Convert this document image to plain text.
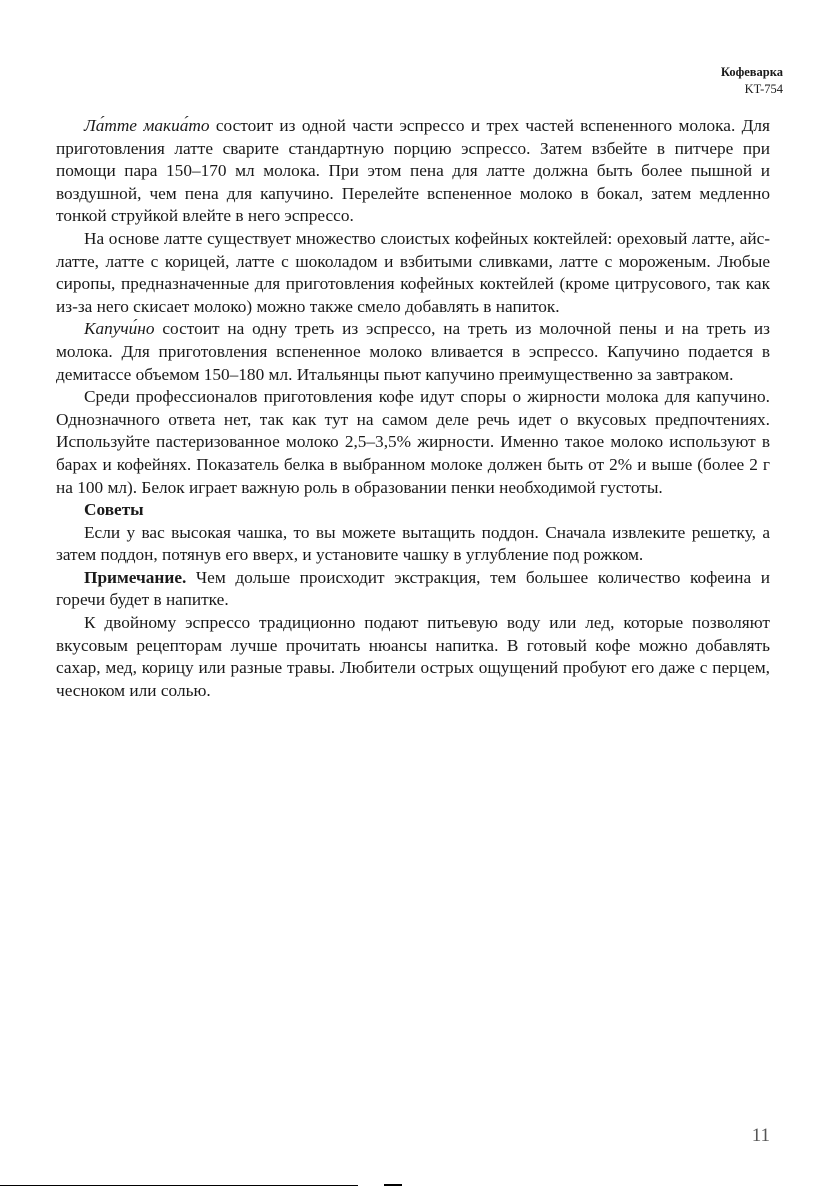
Кофеварка
KT-754

Ла́тте макиа́то состоит из одной части эспрессо и трех частей вспененного молока. Для приготовления латте сварите стандартную порцию эспрессо. Затем взбейте в питчере при помощи пара 150–170 мл молока. При этом пена для латте должна быть более пышной и воздушной, чем пена для капучино. Перелейте вспененное молоко в бокал, затем медленно тонкой струйкой влейте в него эспрессо.

На основе латте существует множество слоистых кофейных коктейлей: ореховый латте, айс-латте, латте с корицей, латте с шоколадом и взбитыми сливками, латте с мороженым. Любые сиропы, предназначенные для приготовления кофейных коктейлей (кроме цитрусового, так как из-за него скисает молоко) можно также смело добавлять в напиток.

Капучи́но состоит на одну треть из эспрессо, на треть из молочной пены и на треть из молока. Для приготовления вспененное молоко вливается в эспрессо. Капучино подается в демитассе объемом 150–180 мл. Итальянцы пьют капучино преимущественно за завтраком.

Среди профессионалов приготовления кофе идут споры о жирности молока для капучино. Однозначного ответа нет, так как тут на самом деле речь идет о вкусовых предпочтениях. Используйте пастеризованное молоко 2,5–3,5% жирности. Именно такое молоко используют в барах и кофейнях. Показатель белка в выбранном молоке должен быть от 2% и выше (более 2 г на 100 мл). Белок играет важную роль в образовании пенки необходимой густоты.

Советы

Если у вас высокая чашка, то вы можете вытащить поддон. Сначала извлеките решетку, а затем поддон, потянув его вверх, и установите чашку в углубление под рожком.

Примечание. Чем дольше происходит экстракция, тем большее количество кофеина и горечи будет в напитке.

К двойному эспрессо традиционно подают питьевую воду или лед, которые позволяют вкусовым рецепторам лучше прочитать нюансы напитка. В готовый кофе можно добавлять сахар, мед, корицу или разные травы. Любители острых ощущений пробуют его даже с перцем, чесноком или солью.

11
